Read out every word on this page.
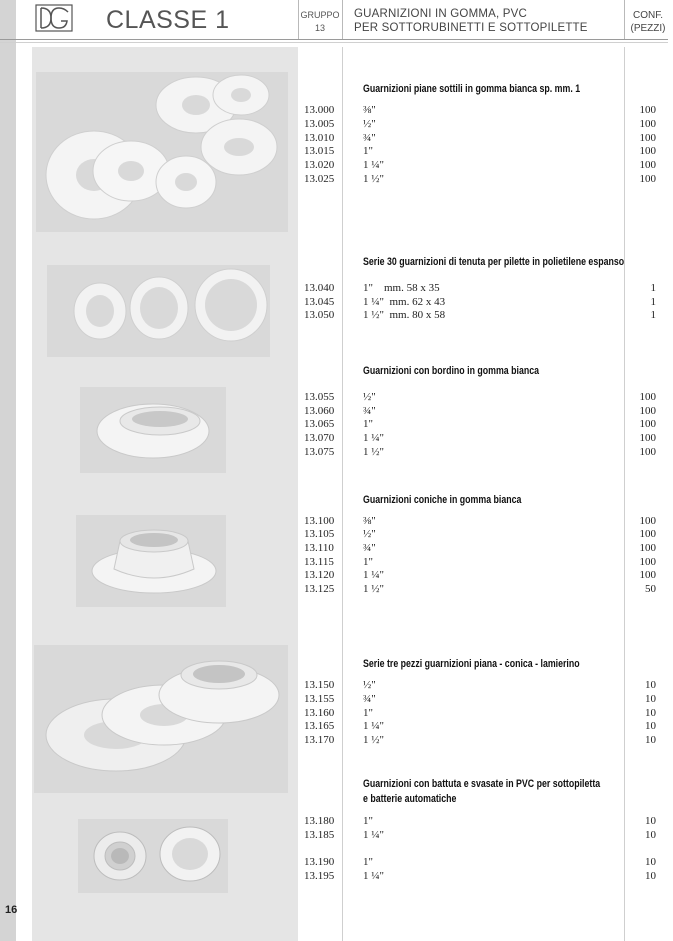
CLASSE 1	GRUPPO
13
GUARNIZIONI IN GOMMA, PVC
PER SOTTORUBINETTI E SOTTOPILETTE
CONF.
(PEZZI)
16
Guarnizioni piane sottili in gomma bianca sp. mm. 1
13.000	⅜"	100
13.005	½"	100
13.010	¾"	100
13.015	1"	100
13.020	1 ¼"	100
13.025	1 ½"	100
Serie 30 guarnizioni di tenuta per pilette in polietilene espanso
13.040	1"    mm. 58 x 35	1
13.045	1 ¼"  mm. 62 x 43	1
13.050	1 ½"  mm. 80 x 58	1
Guarnizioni con bordino in gomma bianca
13.055	½"	100
13.060	¾"	100
13.065	1"	100
13.070	1 ¼"	100
13.075	1 ½"	100
Guarnizioni coniche in gomma bianca
13.100	⅜"	100
13.105	½"	100
13.110	¾"	100
13.115	1"	100
13.120	1 ¼"	100
13.125	1 ½"	50
Serie tre pezzi guarnizioni piana - conica - lamierino
13.150	½"	10
13.155	¾"	10
13.160	1"	10
13.165	1 ¼"	10
13.170	1 ½"	10
Guarnizioni con battuta e svasate in PVC per sottopiletta
e batterie automatiche
13.180	1"	10
13.185	1 ¼"	10
13.190	1"	10
13.195	1 ¼"	10
